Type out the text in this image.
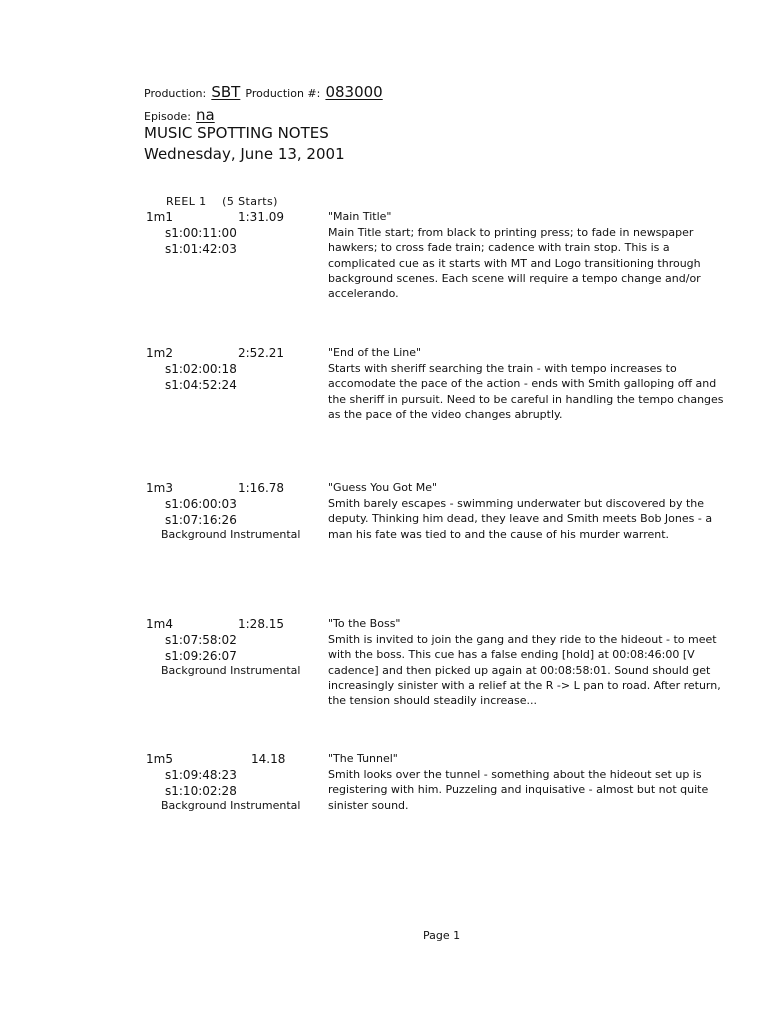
Production: SBT Production #: 083000
Episode: na
MUSIC SPOTTING NOTES
Wednesday, June 13, 2001
REEL 1    (5 Starts)
1m1	1:31.09
s1:00:11:00
s1:01:42:03
"Main Title"
Main Title start; from black to printing press; to fade in newspaper hawkers; to cross fade train; cadence with train stop. This is a complicated cue as it starts with MT and Logo transitioning through background scenes. Each scene will require a tempo change and/or accelerando.
1m2	2:52.21
s1:02:00:18
s1:04:52:24
"End of the Line"
Starts with sheriff searching the train - with tempo increases to accomodate the pace of the action - ends with Smith galloping off and the sheriff in pursuit. Need to be careful in handling the tempo changes as the pace of the video changes abruptly.
1m3	1:16.78
s1:06:00:03
s1:07:16:26
Background Instrumental
"Guess You Got Me"
Smith barely escapes - swimming underwater but discovered by the deputy. Thinking him dead, they leave and Smith meets Bob Jones - a man his fate was tied to and the cause of his murder warrent.
1m4	1:28.15
s1:07:58:02
s1:09:26:07
Background Instrumental
"To the Boss"
Smith is invited to join the gang and they ride to the hideout - to meet with the boss. This cue has a false ending [hold] at 00:08:46:00 [V cadence] and then picked up again at 00:08:58:01. Sound should get increasingly sinister with a relief at the R -> L pan to road. After return, the tension should steadily increase...
1m5	14.18
s1:09:48:23
s1:10:02:28
Background Instrumental
"The Tunnel"
Smith looks over the tunnel - something about the hideout set up is registering with him. Puzzeling and inquisative - almost but not quite sinister sound.
Page 1
